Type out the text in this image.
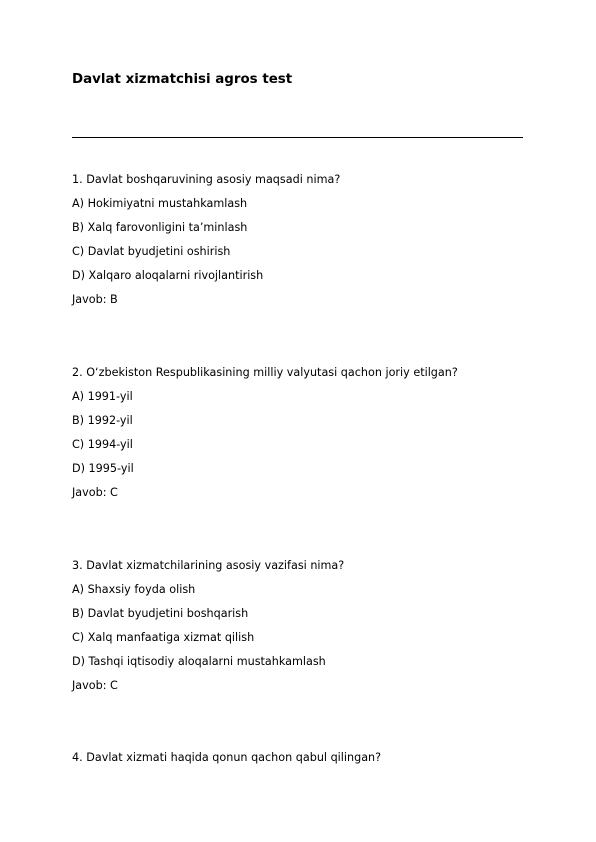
Davlat xizmatchisi agros test
1. Davlat boshqaruvining asosiy maqsadi nima?
A) Hokimiyatni mustahkamlash
B) Xalq farovonligini ta’minlash
C) Davlat byudjetini oshirish
D) Xalqaro aloqalarni rivojlantirish
Javob: B
2. O‘zbekiston Respublikasining milliy valyutasi qachon joriy etilgan?
A) 1991-yil
B) 1992-yil
C) 1994-yil
D) 1995-yil
Javob: C
3. Davlat xizmatchilarining asosiy vazifasi nima?
A) Shaxsiy foyda olish
B) Davlat byudjetini boshqarish
C) Xalq manfaatiga xizmat qilish
D) Tashqi iqtisodiy aloqalarni mustahkamlash
Javob: C
4. Davlat xizmati haqida qonun qachon qabul qilingan?
